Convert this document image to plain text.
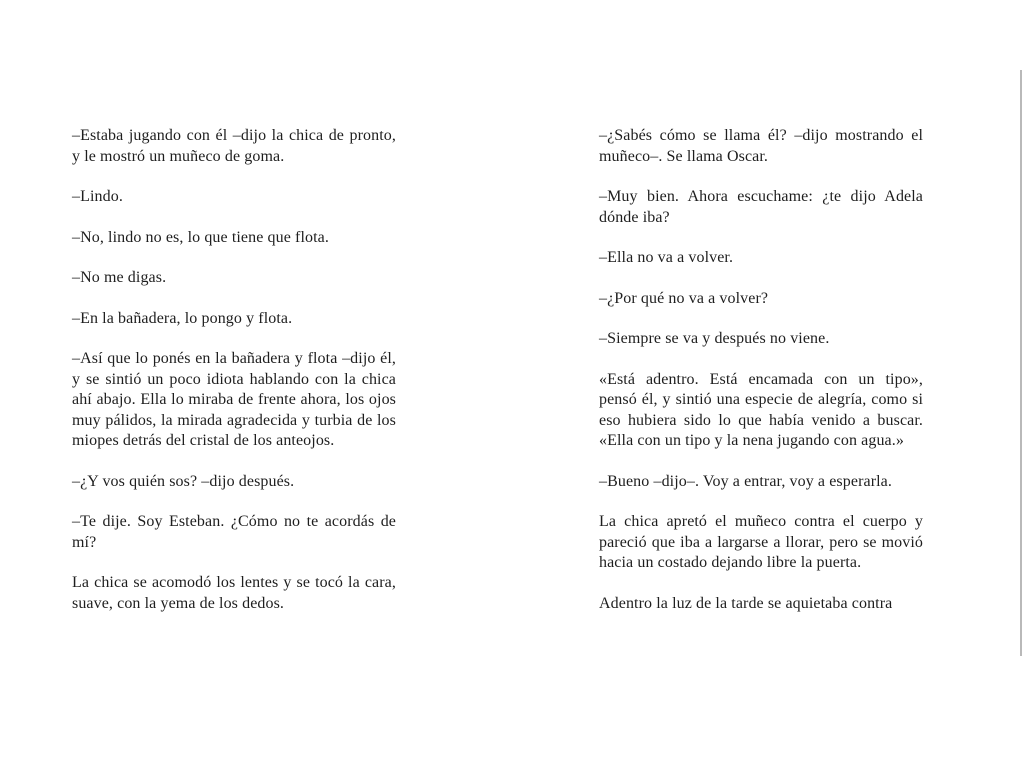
–Estaba jugando con él –dijo la chica de pronto, y le mostró un muñeco de goma.

–Lindo.

–No, lindo no es, lo que tiene que flota.

–No me digas.

–En la bañadera, lo pongo y flota.

–Así que lo ponés en la bañadera y flota –dijo él, y se sintió un poco idiota hablando con la chica ahí abajo. Ella lo miraba de frente ahora, los ojos muy pálidos, la mirada agradecida y turbia de los miopes detrás del cristal de los anteojos.

–¿Y vos quién sos? –dijo después.

–Te dije. Soy Esteban. ¿Cómo no te acordás de mí?

La chica se acomodó los lentes y se tocó la cara, suave, con la yema de los dedos.

–¿Sabés cómo se llama él? –dijo mostrando el muñeco–. Se llama Oscar.

–Muy bien. Ahora escuchame: ¿te dijo Adela dónde iba?

–Ella no va a volver.

–¿Por qué no va a volver?

–Siempre se va y después no viene.

«Está adentro. Está encamada con un tipo», pensó él, y sintió una especie de alegría, como si eso hubiera sido lo que había venido a buscar. «Ella con un tipo y la nena jugando con agua.»

–Bueno –dijo–. Voy a entrar, voy a esperarla.

La chica apretó el muñeco contra el cuerpo y pareció que iba a largarse a llorar, pero se movió hacia un costado dejando libre la puerta.

Adentro la luz de la tarde se aquietaba contra
